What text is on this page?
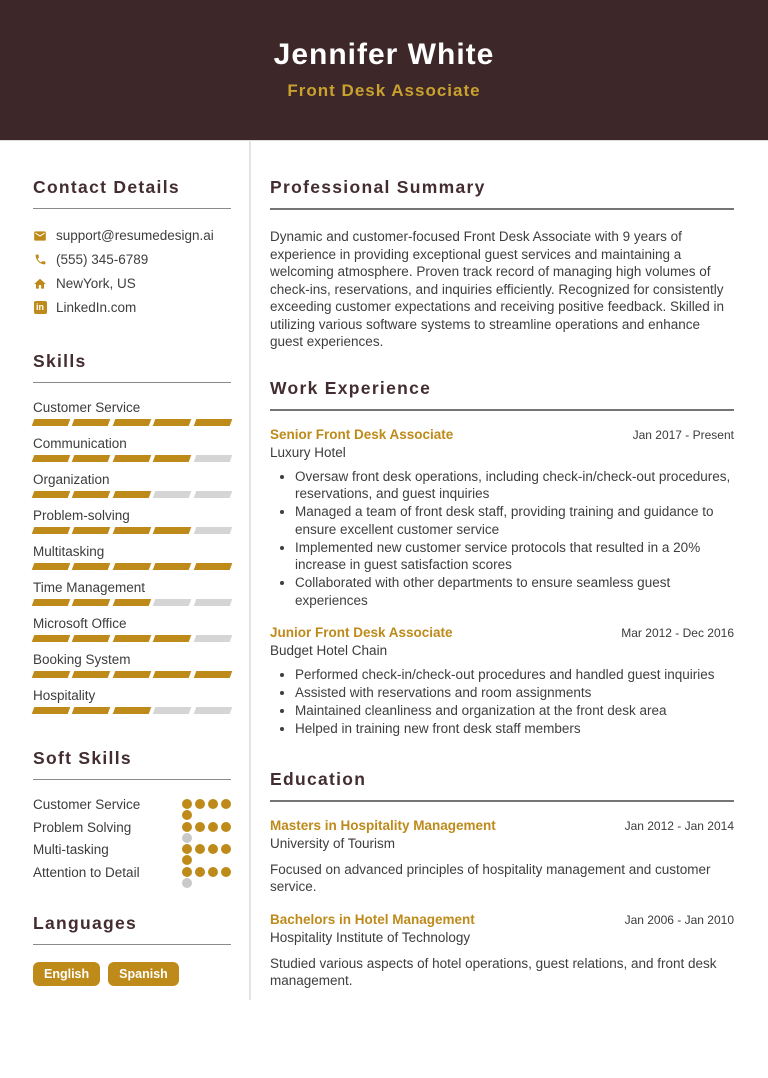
Jennifer White
Front Desk Associate
Contact Details
support@resumedesign.ai
(555) 345-6789
NewYork, US
in LinkedIn.com
Skills
Customer Service
Communication
Organization
Problem-solving
Multitasking
Time Management
Microsoft Office
Booking System
Hospitality
Soft Skills
Customer Service
Problem Solving
Multi-tasking
Attention to Detail
Languages
English	Spanish
Professional Summary

Dynamic and customer-focused Front Desk Associate with 9 years of experience in providing exceptional guest services and maintaining a welcoming atmosphere. Proven track record of managing high volumes of check-ins, reservations, and inquiries efficiently. Recognized for consistently exceeding customer expectations and receiving positive feedback. Skilled in utilizing various software systems to streamline operations and enhance guest experiences.

Work Experience
Senior Front Desk Associate	Jan 2017 - Present
Luxury Hotel
• Oversaw front desk operations, including check-in/check-out procedures, reservations, and guest inquiries
• Managed a team of front desk staff, providing training and guidance to ensure excellent customer service
• Implemented new customer service protocols that resulted in a 20% increase in guest satisfaction scores
• Collaborated with other departments to ensure seamless guest experiences
Junior Front Desk Associate	Mar 2012 - Dec 2016
Budget Hotel Chain
• Performed check-in/check-out procedures and handled guest inquiries
• Assisted with reservations and room assignments
• Maintained cleanliness and organization at the front desk area
• Helped in training new front desk staff members
Education
Masters in Hospitality Management	Jan 2012 - Jan 2014
University of Tourism

Focused on advanced principles of hospitality management and customer service.

Bachelors in Hotel Management	Jan 2006 - Jan 2010
Hospitality Institute of Technology

Studied various aspects of hotel operations, guest relations, and front desk management.
